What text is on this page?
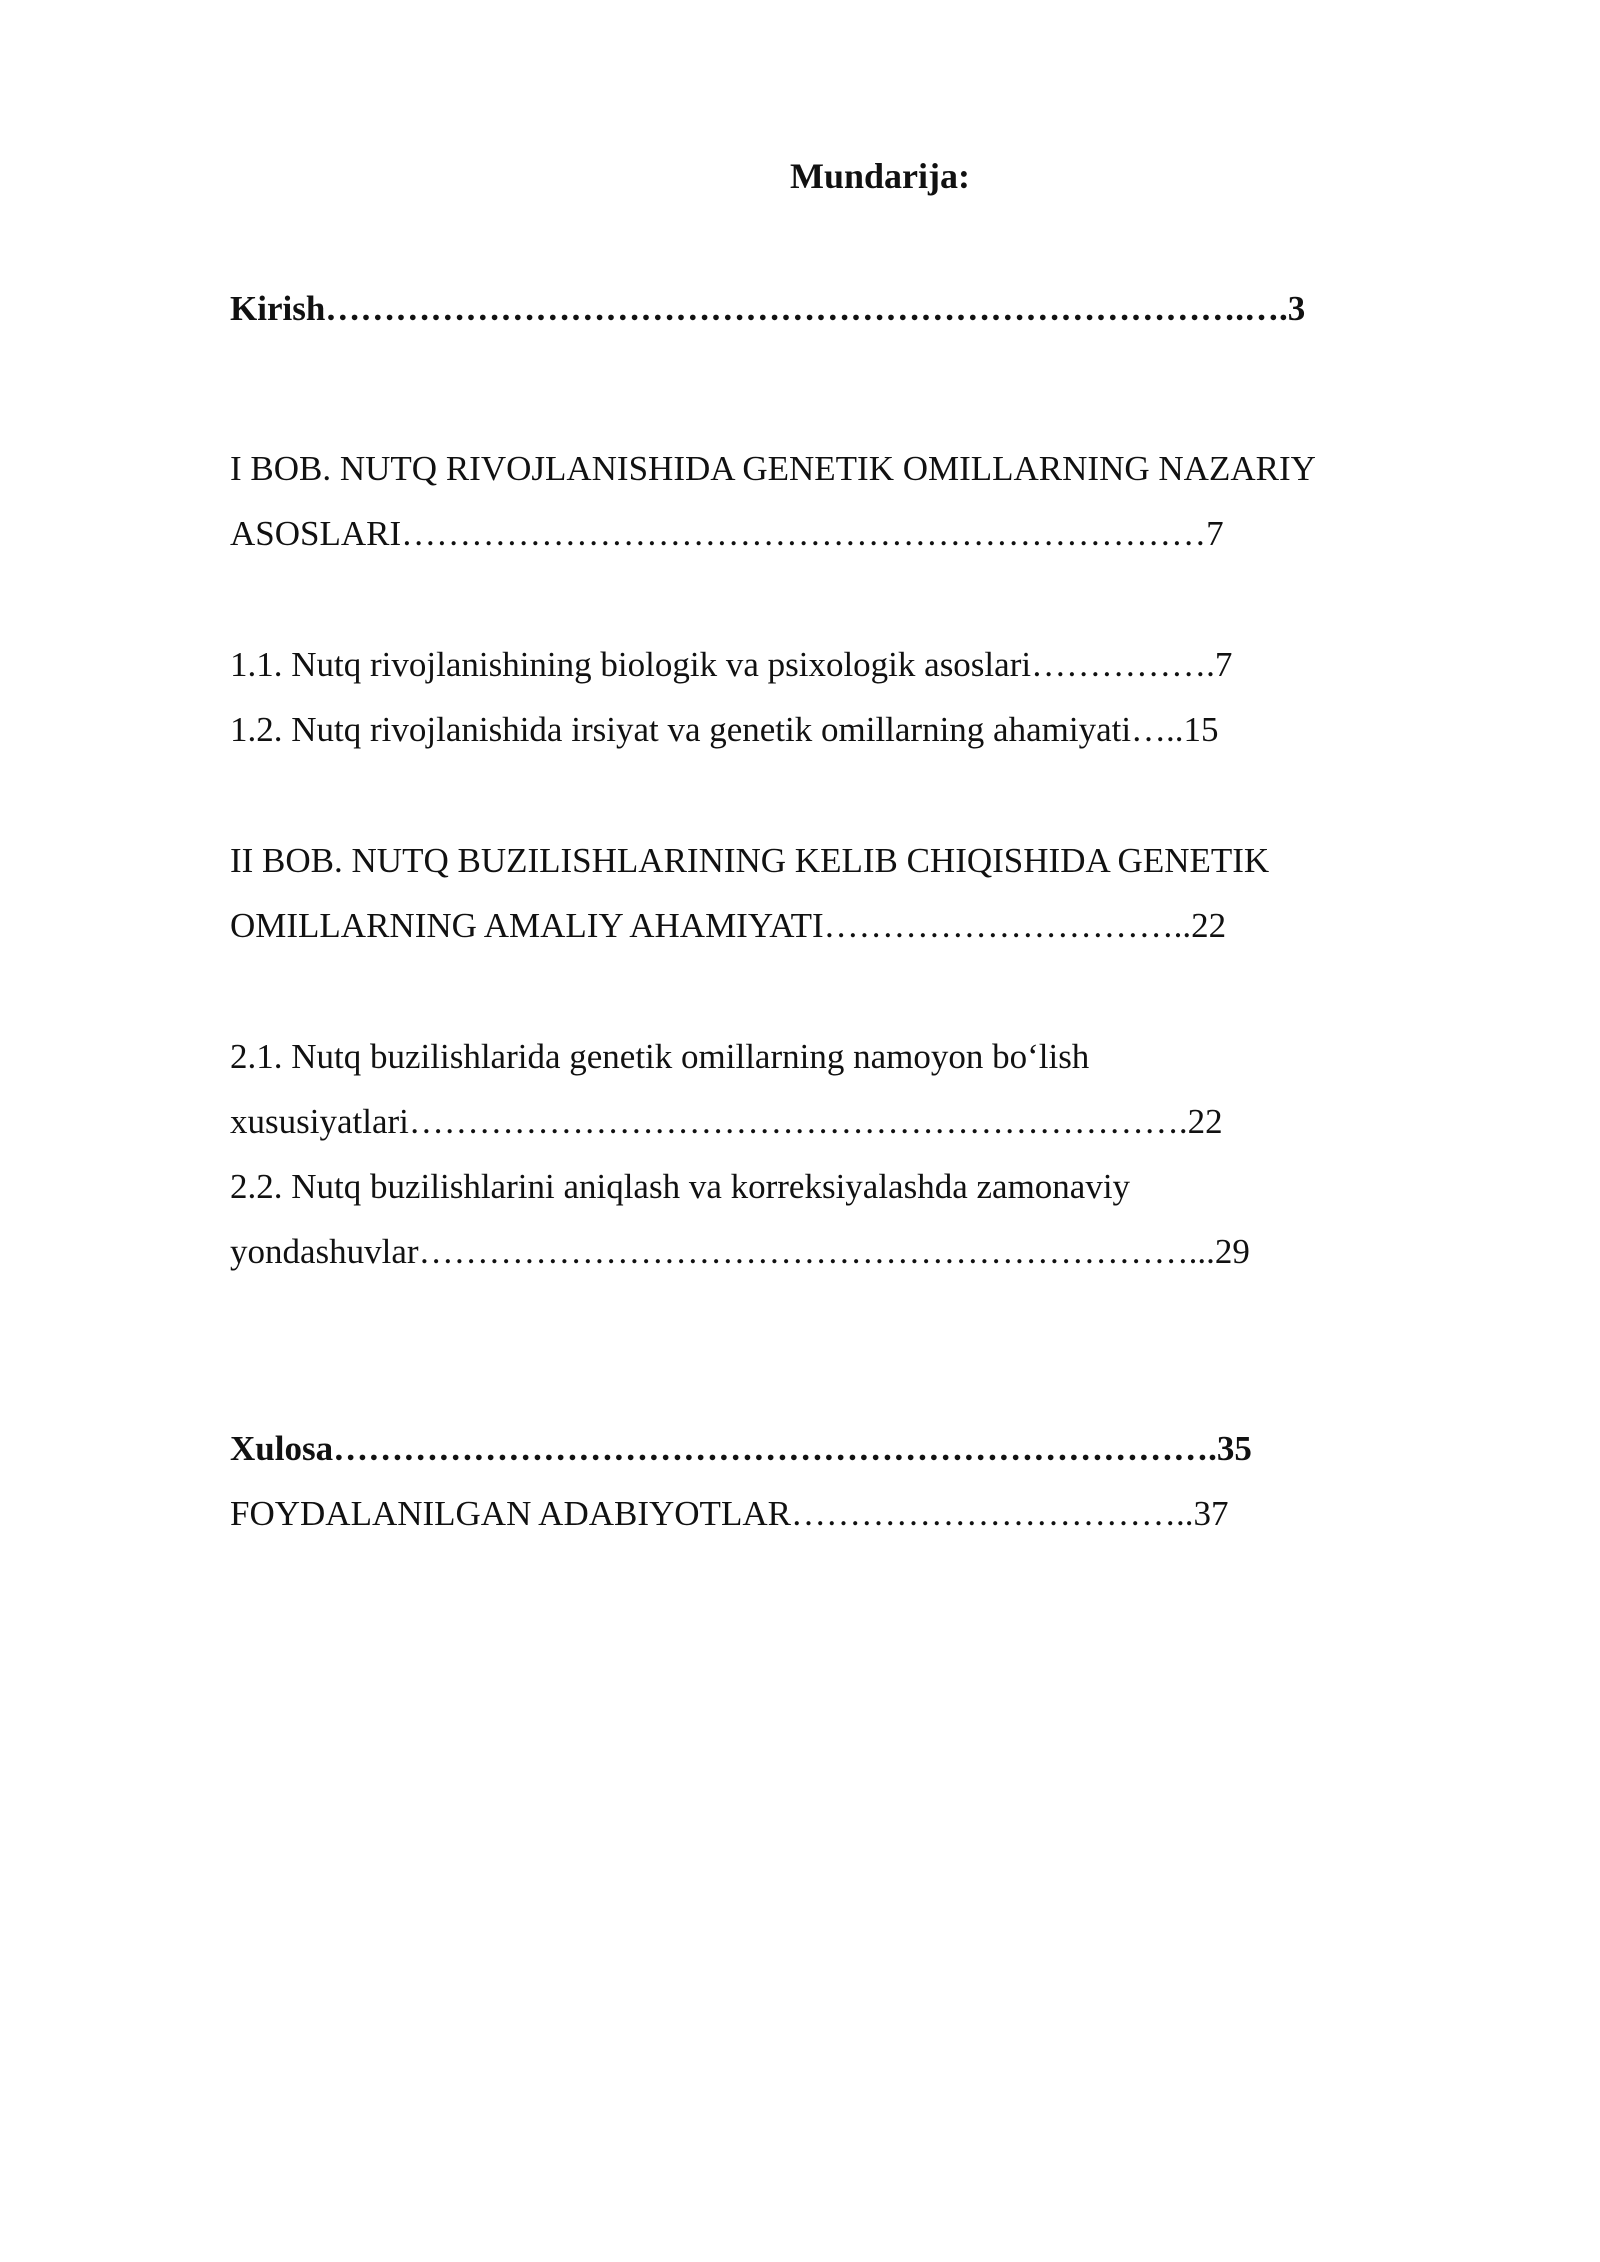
Mundarija:
Kirish…………………………………………………………………….….3
I BOB. NUTQ RIVOJLANISHIDA GENETIK OMILLARNING NAZARIY
ASOSLARI……………………………………………………………7
1.1. Nutq rivojlanishining biologik va psixologik asoslari…………….7
1.2. Nutq rivojlanishida irsiyat va genetik omillarning ahamiyati…..15
II BOB. NUTQ BUZILISHLARINING KELIB CHIQISHIDA GENETIK
OMILLARNING AMALIY AHAMIYATI…………………………..22
2.1. Nutq buzilishlarida genetik omillarning namoyon bo‘lish
xususiyatlari………………………………………………………….22
2.2. Nutq buzilishlarini aniqlash va korreksiyalashda zamonaviy
yondashuvlar…………………………………………………………...29
Xulosa………………………………………………………………….35
FOYDALANILGAN ADABIYOTLAR……………………………..37
